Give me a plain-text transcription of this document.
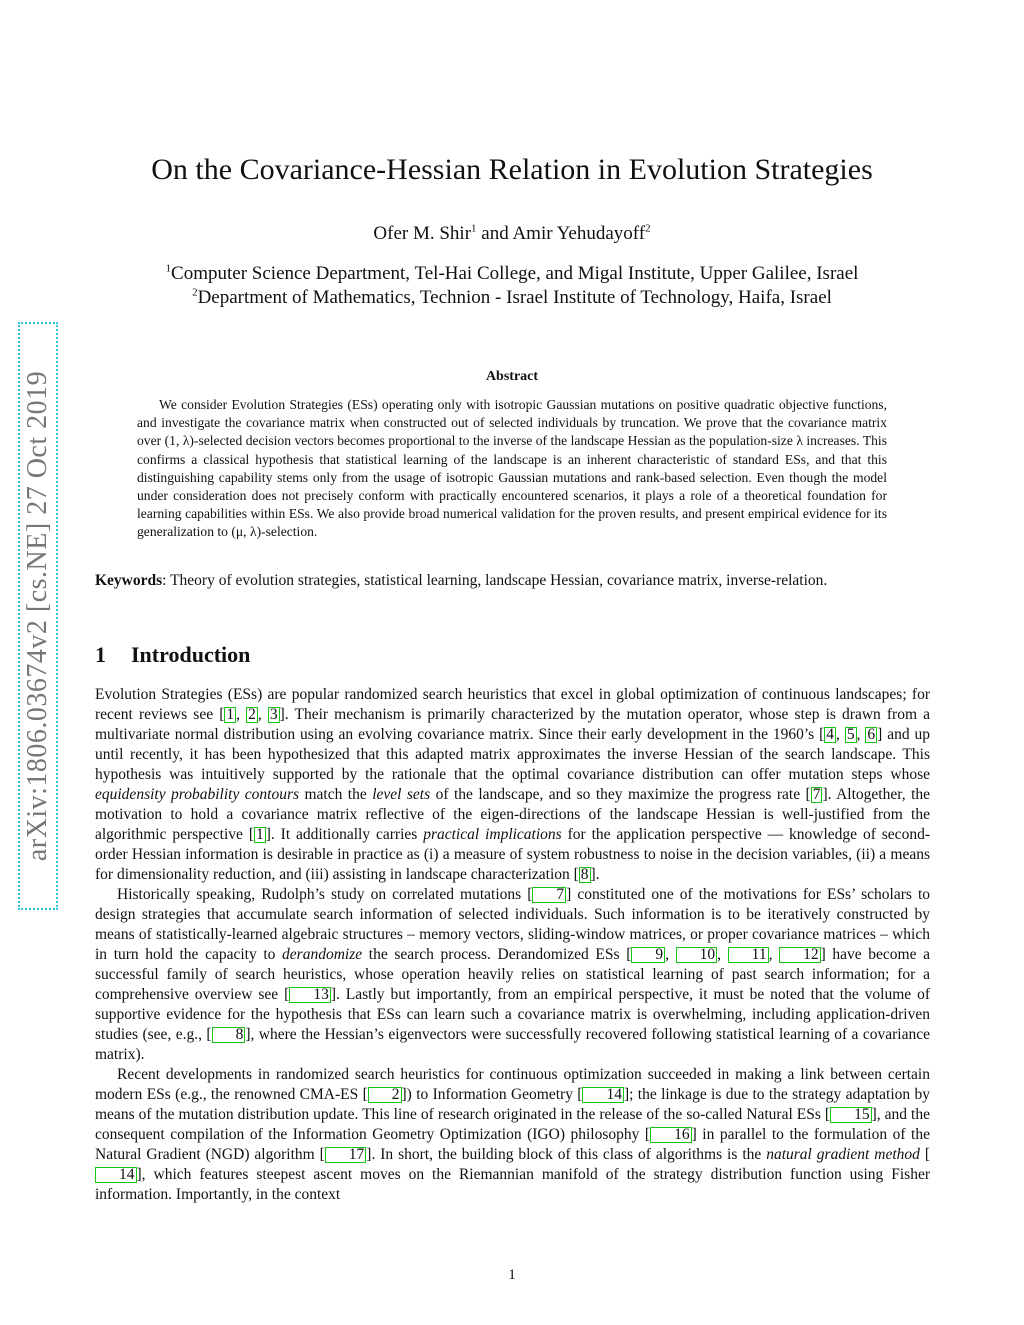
arXiv:1806.03674v2 [cs.NE] 27 Oct 2019
On the Covariance-Hessian Relation in Evolution Strategies
Ofer M. Shir$^1$ and Amir Yehudayoff$^2$
$^1$Computer Science Department, Tel-Hai College, and Migal Institute, Upper Galilee, Israel
$^2$Department of Mathematics, Technion - Israel Institute of Technology, Haifa, Israel
Abstract

We consider Evolution Strategies (ESs) operating only with isotropic Gaussian mutations on positive quadratic objective functions, and investigate the covariance matrix when constructed out of selected individuals by truncation. We prove that the covariance matrix over (1, λ)-selected decision vectors becomes proportional to the inverse of the landscape Hessian as the population-size λ increases. This confirms a classical hypothesis that statistical learning of the landscape is an inherent characteristic of standard ESs, and that this distinguishing capability stems only from the usage of isotropic Gaussian mutations and rank-based selection. Even though the model under consideration does not precisely conform with practically encountered scenarios, it plays a role of a theoretical foundation for learning capabilities within ESs. We also provide broad numerical validation for the proven results, and present empirical evidence for its generalization to (μ, λ)-selection.

Keywords: Theory of evolution strategies, statistical learning, landscape Hessian, covariance matrix, inverse-relation.
1 Introduction

Evolution Strategies (ESs) are popular randomized search heuristics that excel in global optimization of continuous landscapes; for recent reviews see [ 1 , 2 , 3 ]. Their mechanism is primarily characterized by the mutation operator, whose step is drawn from a multivariate normal distribution using an evolving covariance matrix. Since their early development in the 1960’s [ 4 , 5 , 6 ] and up until recently, it has been hypothesized that this adapted matrix approximates the inverse Hessian of the search landscape. This hypothesis was intuitively supported by the rationale that the optimal covariance distribution can offer mutation steps whose equidensity probability contours match the level sets of the landscape, and so they maximize the progress rate [ 7 ]. Altogether, the motivation to hold a covariance matrix reflective of the eigen-directions of the landscape Hessian is well-justified from the algorithmic perspective [ 1 ]. It additionally carries practical implications for the application perspective — knowledge of second-order Hessian information is desirable in practice as (i) a measure of system robustness to noise in the decision variables, (ii) a means for dimensionality reduction, and (iii) assisting in landscape characterization [ 8 ].

Historically speaking, Rudolph’s study on correlated mutations [ 7 ] constituted one of the motivations for ESs’ scholars to design strategies that accumulate search information of selected individuals. Such information is to be iteratively constructed by means of statistically-learned algebraic structures – memory vectors, sliding-window matrices, or proper covariance matrices – which in turn hold the capacity to derandomize the search process. Derandomized ESs [ 9 , 10 , 11 , 12 ] have become a successful family of search heuristics, whose operation heavily relies on statistical learning of past search information; for a comprehensive overview see [ 13 ]. Lastly but importantly, from an empirical perspective, it must be noted that the volume of supportive evidence for the hypothesis that ESs can learn such a covariance matrix is overwhelming, including application-driven studies (see, e.g., [ 8 ], where the Hessian’s eigenvectors were successfully recovered following statistical learning of a covariance matrix).

Recent developments in randomized search heuristics for continuous optimization succeeded in making a link between certain modern ESs (e.g., the renowned CMA-ES [ 2 ]) to Information Geometry [ 14 ]; the linkage is due to the strategy adaptation by means of the mutation distribution update. This line of research originated in the release of the so-called Natural ESs [ 15 ], and the consequent compilation of the Information Geometry Optimization (IGO) philosophy [ 16 ] in parallel to the formulation of the Natural Gradient (NGD) algorithm [ 17 ]. In short, the building block of this class of algorithms is the natural gradient method [14 ], which features steepest ascent moves on the Riemannian manifold of the strategy distribution function using Fisher information. Importantly, in the context

1
